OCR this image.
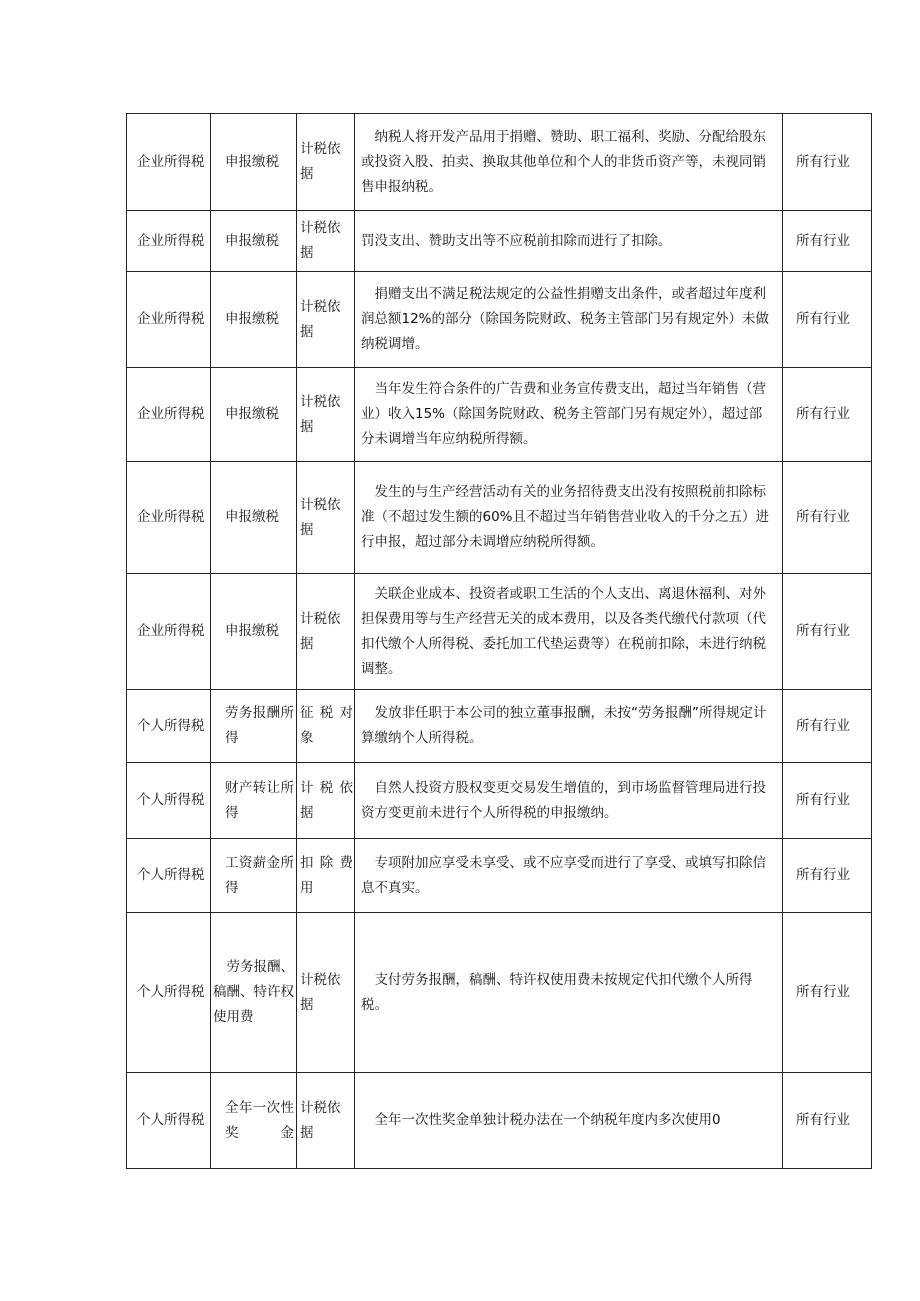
企业所得税	申报缴税	计税依据	纳税人将开发产品用于捐赠、赞助、职工福利、奖励、分配给股东或投资入股、拍卖、换取其他单位和个人的非货币资产等，未视同销售申报纳税。	所有行业
企业所得税	申报缴税	计税依据	罚没支出、赞助支出等不应税前扣除而进行了扣除。	所有行业
企业所得税	申报缴税	计税依据	捐赠支出不满足税法规定的公益性捐赠支出条件，或者超过年度利润总额12%的部分（除国务院财政、税务主管部门另有规定外）未做纳税调增。	所有行业
企业所得税	申报缴税	计税依据	当年发生符合条件的广告费和业务宣传费支出，超过当年销售（营业）收入15%（除国务院财政、税务主管部门另有规定外），超过部分未调增当年应纳税所得额。	所有行业
企业所得税	申报缴税	计税依据	发生的与生产经营活动有关的业务招待费支出没有按照税前扣除标准（不超过发生额的60%且不超过当年销售营业收入的千分之五）进行申报，超过部分未调增应纳税所得额。	所有行业
企业所得税	申报缴税	计税依据	关联企业成本、投资者或职工生活的个人支出、离退休福利、对外担保费用等与生产经营无关的成本费用，以及各类代缴代付款项（代扣代缴个人所得税、委托加工代垫运费等）在税前扣除，未进行纳税调整。	所有行业
个人所得税	劳务报酬所得	征税对象	发放非任职于本公司的独立董事报酬，未按“劳务报酬”所得规定计算缴纳个人所得税。	所有行业
个人所得税	财产转让所得	计税依据	自然人投资方股权变更交易发生增值的，到市场监督管理局进行投资方变更前未进行个人所得税的申报缴纳。	所有行业
个人所得税	工资薪金所得	扣除费用	专项附加应享受未享受、或不应享受而进行了享受、或填写扣除信息不真实。	所有行业
个人所得税	劳务报酬、稿酬、特许权使用费	计税依据	支付劳务报酬，稿酬、特许权使用费未按规定代扣代缴个人所得税。	所有行业
个人所得税	全年一次性奖金	计税依据	全年一次性奖金单独计税办法在一个纳税年度内多次使用0	所有行业
